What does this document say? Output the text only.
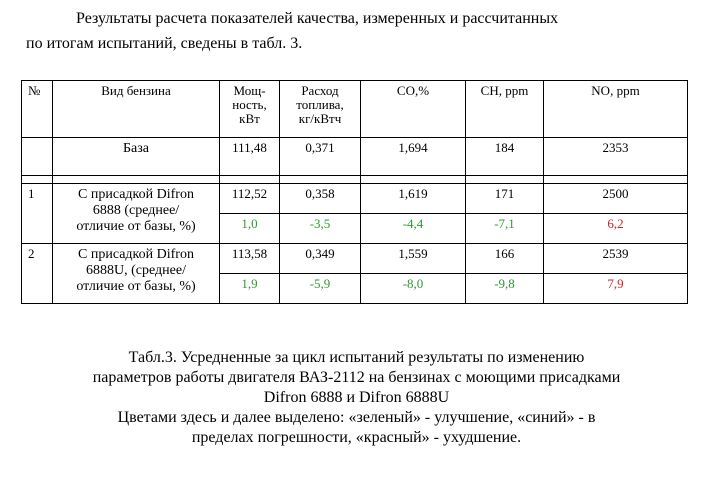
Результаты расчета показателей качества, измеренных и рассчитанных
по итогам испытаний, сведены в табл. 3.

№	Вид бензина	Мощ-
ность,
кВт	Расход
топлива,
кг/кВтч	CO,%	CH, ppm	NO, ppm
	База	111,48	0,371	1,694	184	2353

1	С присадкой Difron
6888 (среднее/
отличие от базы, %)	112,52	0,358	1,619	171	2500
		1,0	-3,5	-4,4	-7,1	6,2
2	С присадкой Difron
6888U, (среднее/
отличие от базы, %)	113,58	0,349	1,559	166	2539
		1,9	-5,9	-8,0	-9,8	7,9
Табл.3. Усредненные за цикл испытаний результаты по изменению
параметров работы двигателя ВАЗ-2112 на бензинах с моющими присадками
Difron 6888 и Difron 6888U
Цветами здесь и далее выделено: «зеленый» - улучшение, «синий» - в
пределах погрешности, «красный» - ухудшение.
